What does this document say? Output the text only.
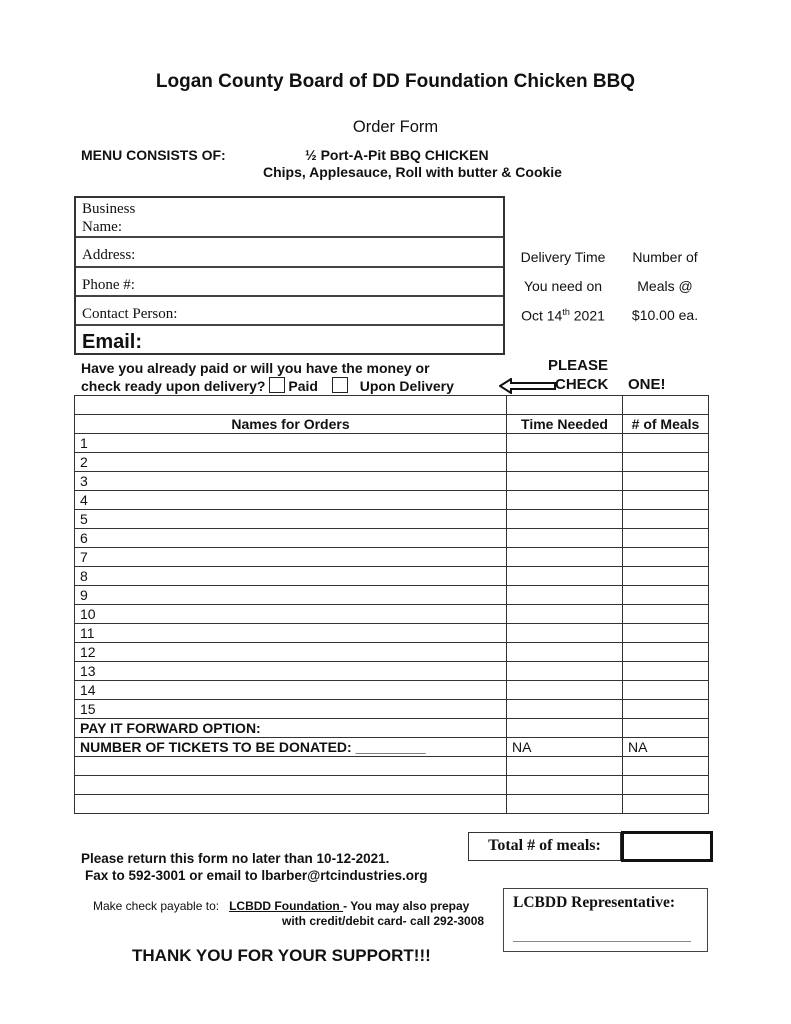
Logan County Board of DD Foundation Chicken BBQ
Order Form
MENU CONSISTS OF:	½ Port-A-Pit BBQ CHICKEN
Chips, Applesauce, Roll with butter & Cookie
Business
Name:
Address:
Phone #:
Contact Person:
Email:
Delivery Time
You need on
Oct 14th 2021
Number of
Meals @
$10.00 ea.
Have you already paid or will you have the money or
check ready upon delivery? Paid	Upon Delivery
PLEASE
CHECK ONE!

Names for Orders	Time Needed	# of Meals
1		
2		
3		
4		
5		
6		
7		
8		
9		
10		
11		
12		
13		
14		
15		
PAY IT FORWARD OPTION:		
NUMBER OF TICKETS TO BE DONATED: _________	NA	NA

Total # of meals:
Please return this form no later than 10-12-2021.
Fax to 592-3001 or email to lbarber@rtcindustries.org
Make check payable to: LCBDD Foundation - You may also prepay
with credit/debit card- call 292-3008
LCBDD Representative:
THANK YOU FOR YOUR SUPPORT!!!
